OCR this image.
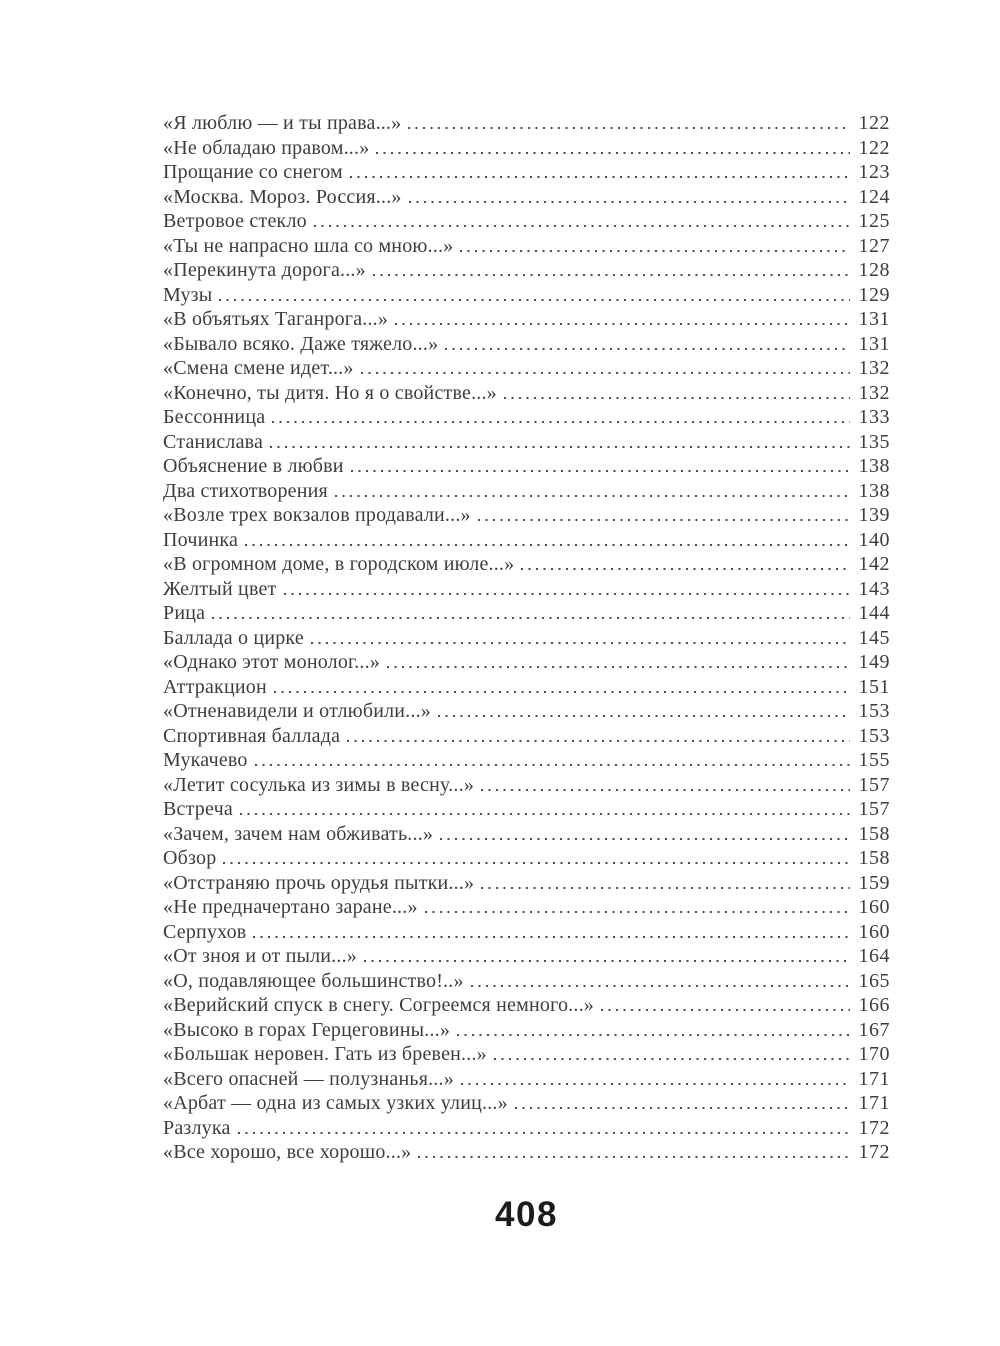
«Я люблю — и ты права...»	122
«Не обладаю правом...»	122
Прощание со снегом	123
«Москва. Мороз. Россия...»	124
Ветровое стекло	125
«Ты не напрасно шла со мною...»	127
«Перекинута дорога...»	128
Музы	129
«В объятьях Таганрога...»	131
«Бывало всяко. Даже тяжело...»	131
«Смена смене идет...»	132
«Конечно, ты дитя. Но я о свойстве...»	132
Бессонница	133
Станислава	135
Объяснение в любви	138
Два стихотворения	138
«Возле трех вокзалов продавали...»	139
Починка	140
«В огромном доме, в городском июле...»	142
Желтый цвет	143
Рица	144
Баллада о цирке	145
«Однако этот монолог...»	149
Аттракцион	151
«Отненавидели и отлюбили...»	153
Спортивная баллада	153
Мукачево	155
«Летит сосулька из зимы в весну...»	157
Встреча	157
«Зачем, зачем нам обживать...»	158
Обзор	158
«Отстраняю прочь орудья пытки...»	159
«Не предначертано заране...»	160
Серпухов	160
«От зноя и от пыли...»	164
«О, подавляющее большинство!..»	165
«Верийский спуск в снегу. Согреемся немного...»	166
«Высоко в горах Герцеговины...»	167
«Большак неровен. Гать из бревен...»	170
«Всего опасней — полузнанья...»	171
«Арбат — одна из самых узких улиц...»	171
Разлука	172
«Все хорошо, все хорошо...»	172
408
